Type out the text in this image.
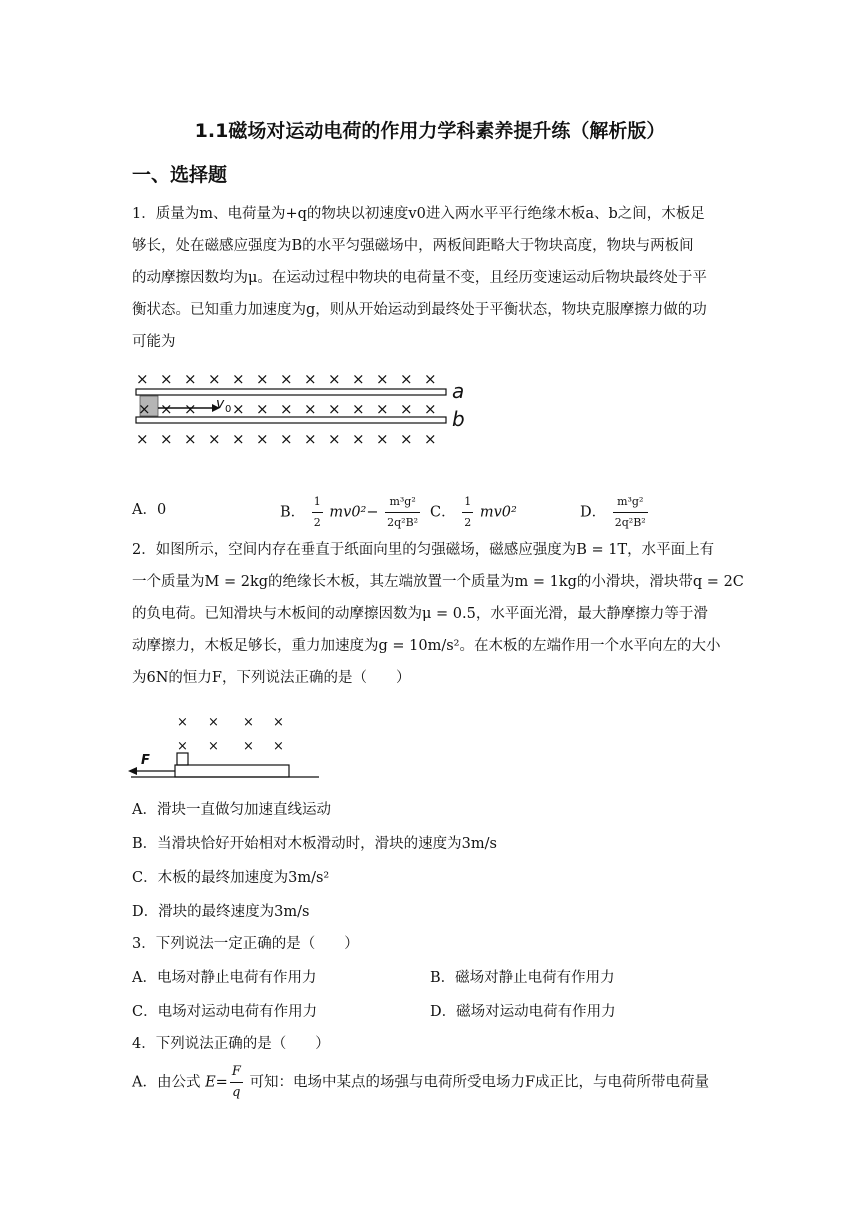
1.1磁场对运动电荷的作用力学科素养提升练（解析版）
一、选择题
1．质量为m、电荷量为+q的物块以初速度v0进入两水平平行绝缘木板a、b之间，木板足
够长，处在磁感应强度为B的水平匀强磁场中，两板间距略大于物块高度，物块与两板间
的动摩擦因数均为μ。在运动过程中物块的电荷量不变，且经历变速运动后物块最终处于平
衡状态。已知重力加速度为g，则从开始运动到最终处于平衡状态，物块克服摩擦力做的功
可能为
× × × × × × × × × × × × ×
× × × × × × × × × × ×
×	v 0
× × × × × × × × × × × × ×
a
b
A．0	B． $\frac{1}{2} mv0^2- \frac{\text{m³g²}}{\text{2q²B²}}$ C． $\frac{1}{2} mv0^2$	D． $\frac{\text{m³g²}}{\text{2q²B²}}$
2．如图所示，空间内存在垂直于纸面向里的匀强磁场，磁感应强度为B = 1T，水平面上有
一个质量为M = 2kg的绝缘长木板，其左端放置一个质量为m = 1kg的小滑块，滑块带q = 2C
的负电荷。已知滑块与木板间的动摩擦因数为μ = 0.5，水平面光滑，最大静摩擦力等于滑
动摩擦力，木板足够长，重力加速度为g = 10m/s²。在木板的左端作用一个水平向左的大小
为6N的恒力F，下列说法正确的是（　　）
× × × ×
× × × ×
F
A．滑块一直做匀加速直线运动
B．当滑块恰好开始相对木板滑动时，滑块的速度为3m/s
C．木板的最终加速度为3m/s²
D．滑块的最终速度为3m/s
3．下列说法一定正确的是（　　）
A．电场对静止电荷有作用力	B．磁场对静止电荷有作用力
C．电场对运动电荷有作用力	D．磁场对运动电荷有作用力
4．下列说法正确的是（　　）
A．由公式 $E= \frac{F}{q}$ 可知：电场中某点的场强与电荷所受电场力F成正比，与电荷所带电荷量
